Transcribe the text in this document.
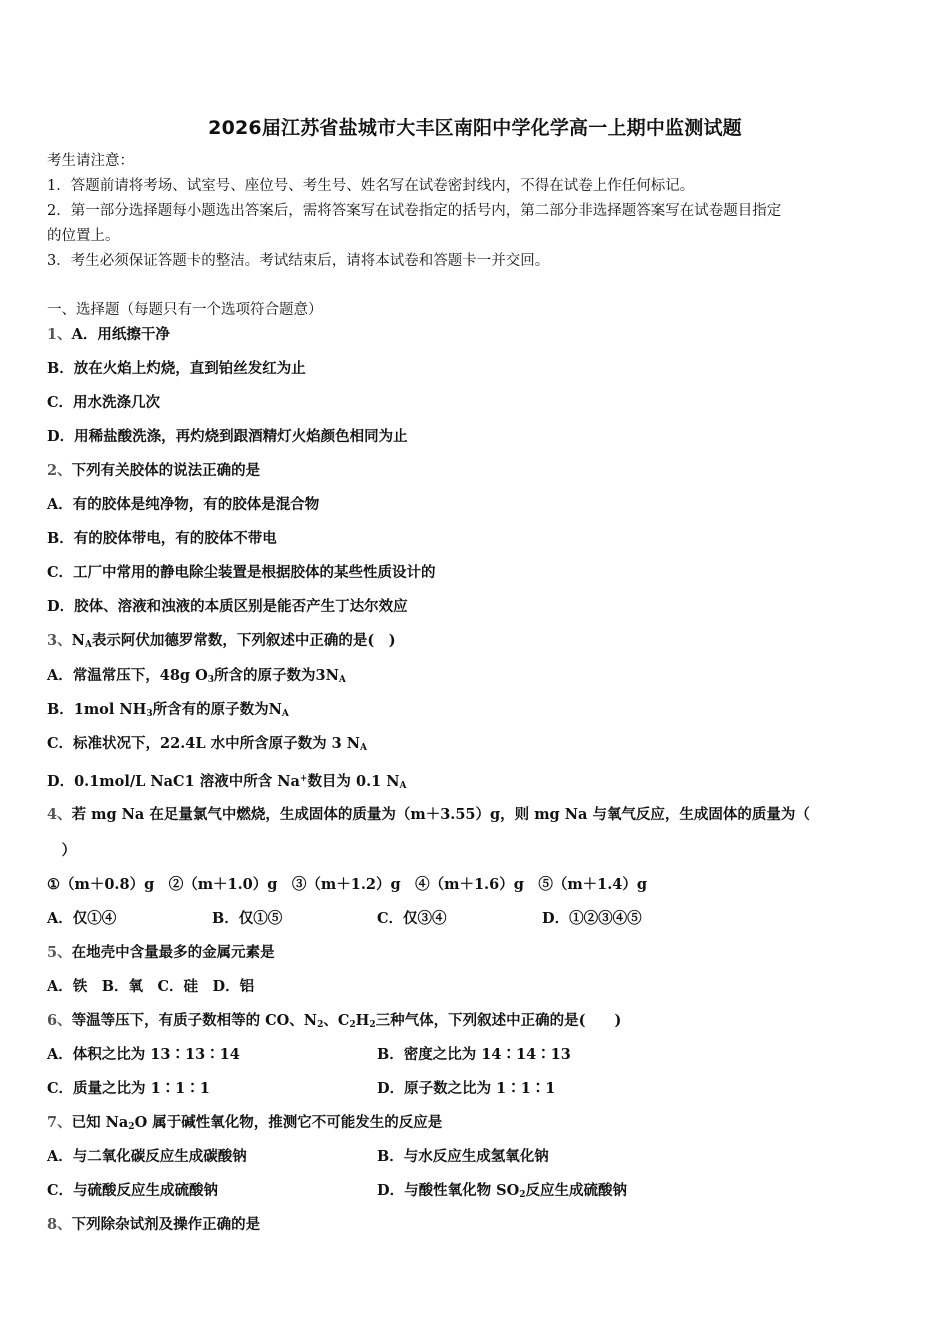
2026届江苏省盐城市大丰区南阳中学化学高一上期中监测试题
考生请注意：
1．答题前请将考场、试室号、座位号、考生号、姓名写在试卷密封线内，不得在试卷上作任何标记。
2．第一部分选择题每小题选出答案后，需将答案写在试卷指定的括号内，第二部分非选择题答案写在试卷题目指定
的位置上。
3．考生必须保证答题卡的整洁。考试结束后，请将本试卷和答题卡一并交回。
一、选择题（每题只有一个选项符合题意）
1、A．用纸擦干净
B．放在火焰上灼烧，直到铂丝发红为止
C．用水洗涤几次
D．用稀盐酸洗涤，再灼烧到跟酒精灯火焰颜色相同为止
2、下列有关胶体的说法正确的是
A．有的胶体是纯净物，有的胶体是混合物
B．有的胶体带电，有的胶体不带电
C．工厂中常用的静电除尘装置是根据胶体的某些性质设计的
D．胶体、溶液和浊液的本质区别是能否产生丁达尔效应
3、$N_A$表示阿伏加德罗常数，下列叙述中正确的是(　)
A．常温常压下，48g $O_3$所含的原子数为$3N_A$
B．1mol $NH_3$所含有的原子数为$N_A$
C．标准状况下，22.4L 水中所含原子数为 3 $N_A$
D．0.1mol/L NaC1 溶液中所含 Na+数目为 0.1 $N_A$
4、若 mg Na 在足量氯气中燃烧，生成固体的质量为（m＋3.55）g，则 mg Na 与氧气反应，生成固体的质量为（
　）
①（m＋0.8）g　②（m＋1.0）g　③（m＋1.2）g　④（m＋1.6）g　⑤（m＋1.4）g
A．仅①④	B．仅①⑤	C．仅③④	D．①②③④⑤
5、在地壳中含量最多的金属元素是
A．铁　B．氧　C．硅　D．铝
6、等温等压下，有质子数相等的 CO、$N_2$、$C_2H_2$三种气体，下列叙述中正确的是(　　)
A．体积之比为 13∶13∶14	B．密度之比为 14∶14∶13
C．质量之比为 1∶1∶1	D．原子数之比为 1∶1∶1
7、已知 $Na_2O$ 属于碱性氧化物，推测它不可能发生的反应是
A．与二氧化碳反应生成碳酸钠	B．与水反应生成氢氧化钠
C．与硫酸反应生成硫酸钠	D．与酸性氧化物 $SO_2$反应生成硫酸钠
8、下列除杂试剂及操作正确的是
